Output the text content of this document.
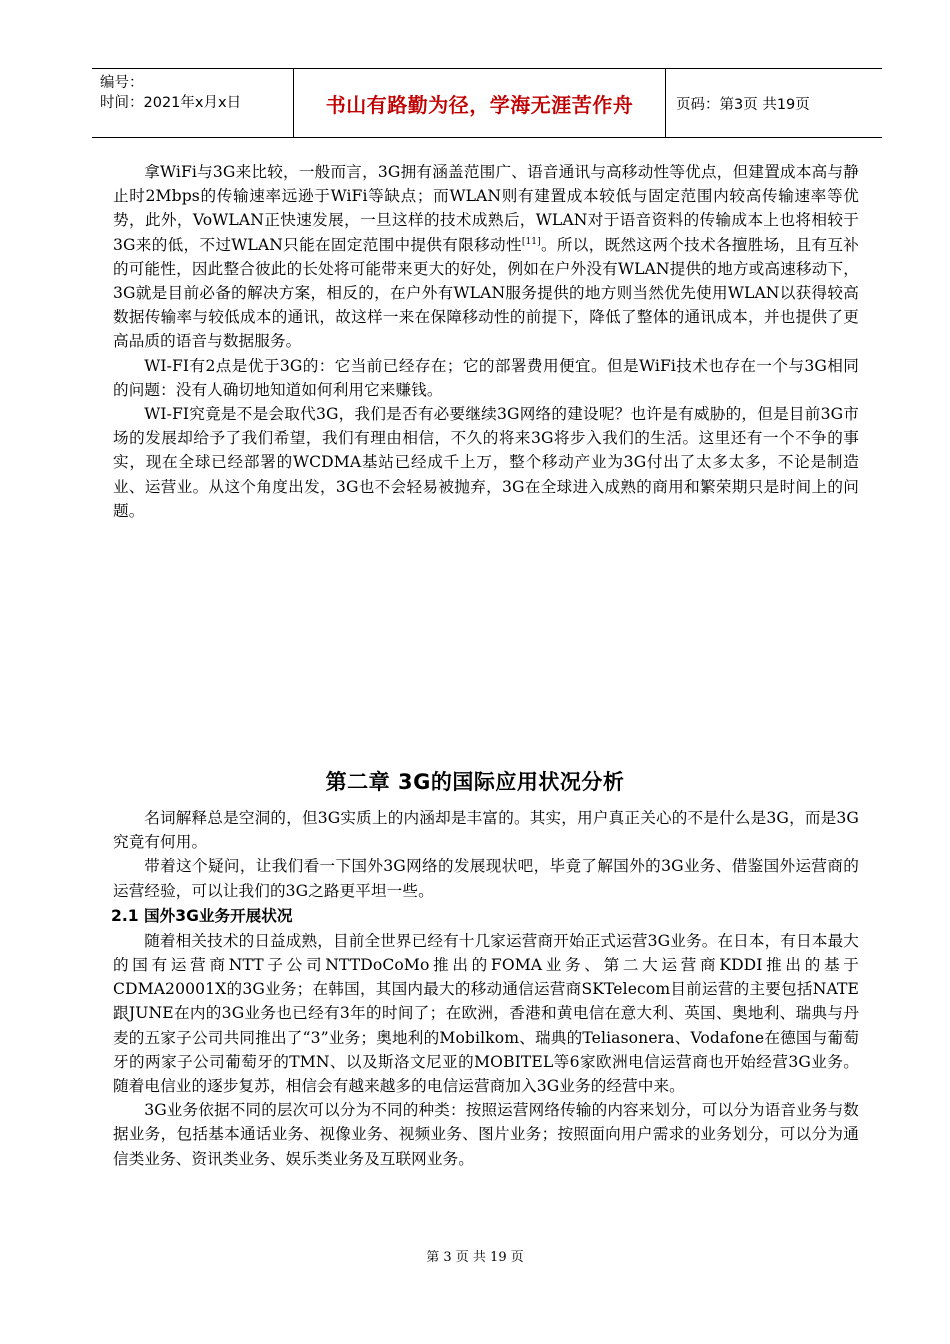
编号：
时间：2021年x月x日	书山有路勤为径，学海无涯苦作舟	页码：第3页 共19页

拿WiFi与3G来比较，一般而言，3G拥有涵盖范围广、语音通讯与高移动性等优点，但建置成本高与静止时2Mbps的传输速率远逊于WiFi等缺点；而WLAN则有建置成本较低与固定范围内较高传输速率等优势，此外，VoWLAN正快速发展，一旦这样的技术成熟后，WLAN对于语音资料的传输成本上也将相较于3G来的低，不过WLAN只能在固定范围中提供有限移动性[11]。所以，既然这两个技术各擅胜场，且有互补的可能性，因此整合彼此的长处将可能带来更大的好处，例如在户外没有WLAN提供的地方或高速移动下，3G就是目前必备的解决方案，相反的，在户外有WLAN服务提供的地方则当然优先使用WLAN以获得较高数据传输率与较低成本的通讯，故这样一来在保障移动性的前提下，降低了整体的通讯成本，并也提供了更高品质的语音与数据服务。

WI-FI有2点是优于3G的：它当前已经存在；它的部署费用便宜。但是WiFi技术也存在一个与3G相同的问题：没有人确切地知道如何利用它来赚钱。

WI-FI究竟是不是会取代3G，我们是否有必要继续3G网络的建设呢？也许是有威胁的，但是目前3G市场的发展却给予了我们希望，我们有理由相信，不久的将来3G将步入我们的生活。这里还有一个不争的事实，现在全球已经部署的WCDMA基站已经成千上万，整个移动产业为3G付出了太多太多，不论是制造业、运营业。从这个角度出发，3G也不会轻易被抛弃，3G在全球进入成熟的商用和繁荣期只是时间上的问题。

第二章 3G的国际应用状况分析

名词解释总是空洞的，但3G实质上的内涵却是丰富的。其实，用户真正关心的不是什么是3G，而是3G究竟有何用。

带着这个疑问，让我们看一下国外3G网络的发展现状吧，毕竟了解国外的3G业务、借鉴国外运营商的运营经验，可以让我们的3G之路更平坦一些。

2.1 国外3G业务开展状况

随着相关技术的日益成熟，目前全世界已经有十几家运营商开始正式运营3G业务。在日本，有日本最大的国有运营商NTT子公司NTTDoCoMo推出的FOMA业务、第二大运营商KDDI推出的基于CDMA20001X的3G业务；在韩国，其国内最大的移动通信运营商SKTelecom目前运营的主要包括NATE跟JUNE在内的3G业务也已经有3年的时间了；在欧洲，香港和黄电信在意大利、英国、奥地利、瑞典与丹麦的五家子公司共同推出了“3”业务；奥地利的Mobilkom、瑞典的Teliasonera、Vodafone在德国与葡萄牙的两家子公司葡萄牙的TMN、以及斯洛文尼亚的MOBITEL等6家欧洲电信运营商也开始经营3G业务。随着电信业的逐步复苏，相信会有越来越多的电信运营商加入3G业务的经营中来。

3G业务依据不同的层次可以分为不同的种类：按照运营网络传输的内容来划分，可以分为语音业务与数据业务，包括基本通话业务、视像业务、视频业务、图片业务；按照面向用户需求的业务划分，可以分为通信类业务、资讯类业务、娱乐类业务及互联网业务。

第 3 页 共 19 页
